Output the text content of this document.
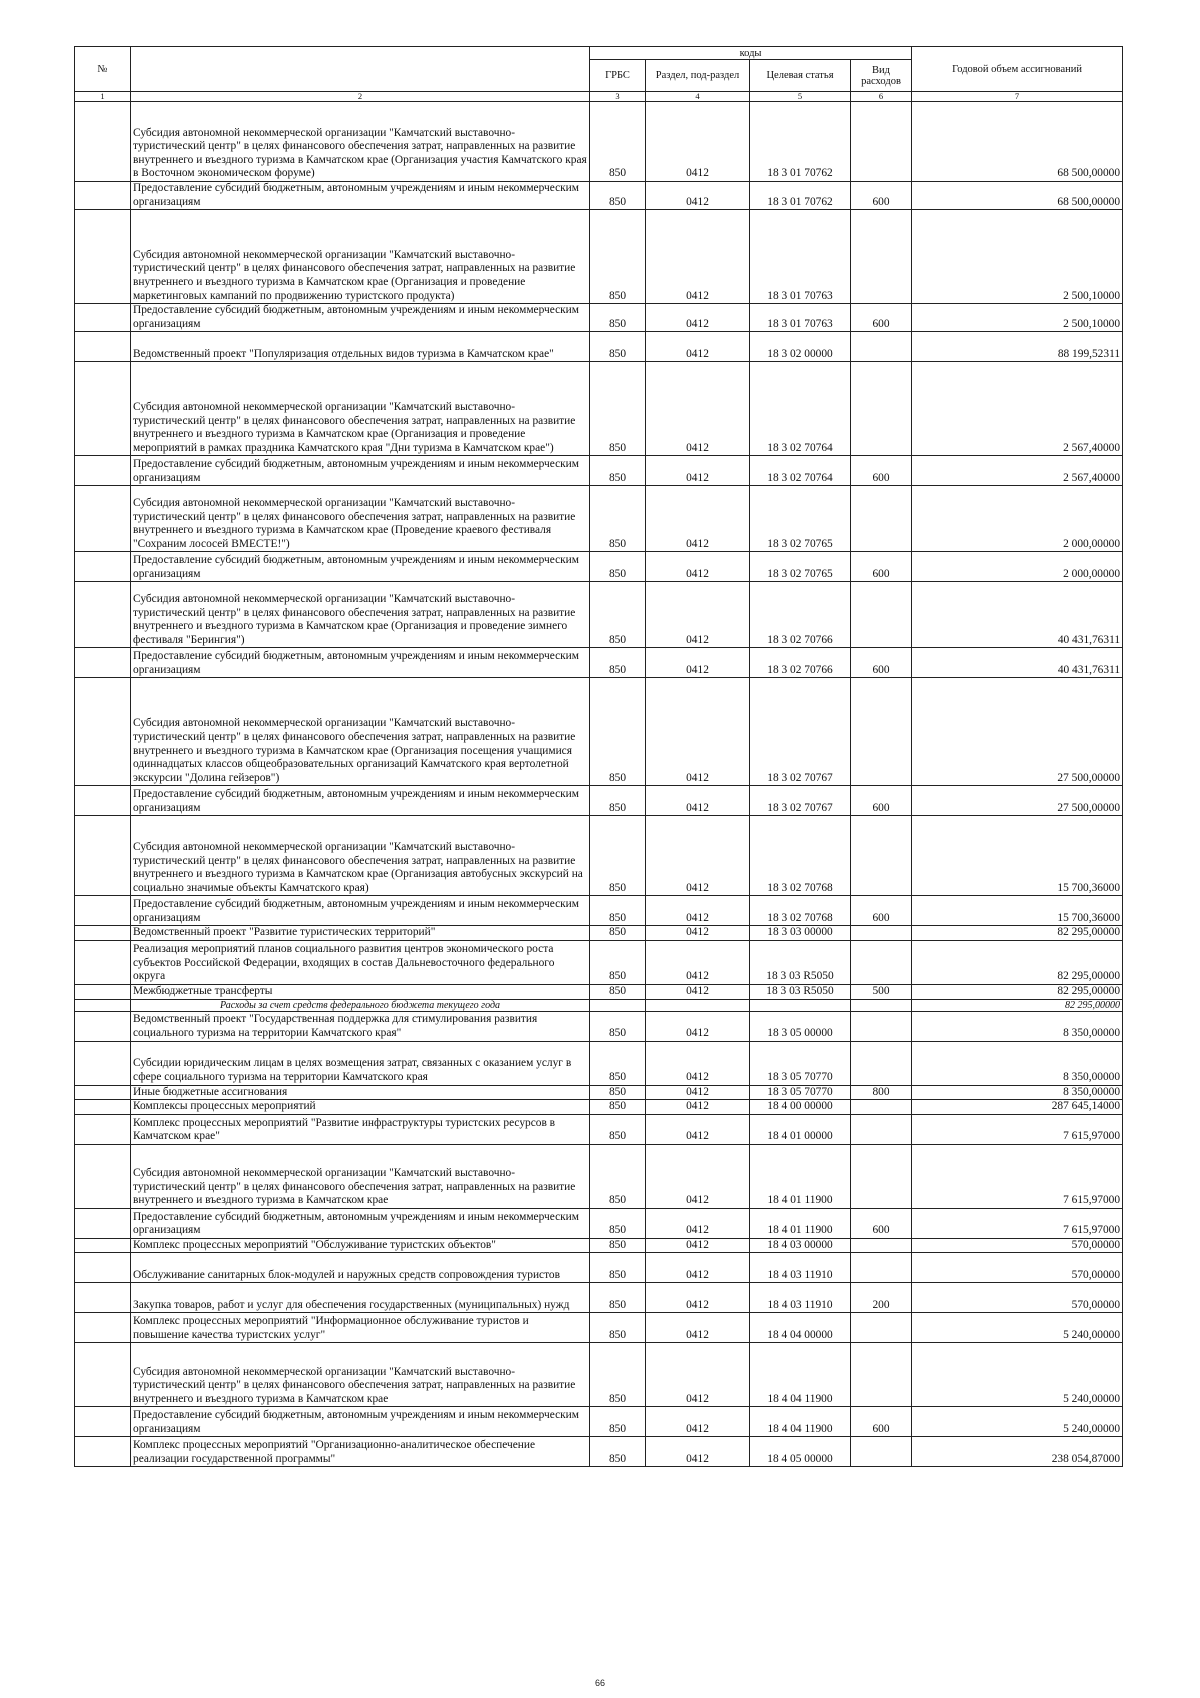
№		коды				Годовой объем ассигнований
		ГРБС	Раздел, под-раздел	Целевая статья	Вид расходов	
1	2	3	4	5	6	7
	Субсидия автономной некоммерческой организации "Камчатский выставочно-туристический центр" в целях финансового обеспечения затрат, направленных на развитие внутреннего и въездного туризма в Камчатском крае (Организация участия Камчатского края в Восточном экономическом форуме)	850	0412	18 3 01 70762		68 500,00000
	Предоставление субсидий бюджетным, автономным учреждениям и иным некоммерческим организациям	850	0412	18 3 01 70762	600	68 500,00000
	Субсидия автономной некоммерческой организации "Камчатский выставочно-туристический центр" в целях финансового обеспечения затрат, направленных на развитие внутреннего и въездного туризма в Камчатском крае (Организация и проведение маркетинговых кампаний по продвижению туристского продукта)	850	0412	18 3 01 70763		2 500,10000
	Предоставление субсидий бюджетным, автономным учреждениям и иным некоммерческим организациям	850	0412	18 3 01 70763	600	2 500,10000
	Ведомственный проект "Популяризация отдельных видов туризма в Камчатском крае"	850	0412	18 3 02 00000		88 199,52311
	Субсидия автономной некоммерческой организации "Камчатский выставочно-туристический центр" в целях финансового обеспечения затрат, направленных на развитие внутреннего и въездного туризма в Камчатском крае (Организация и проведение мероприятий в рамках праздника Камчатского края "Дни туризма в Камчатском крае")	850	0412	18 3 02 70764		2 567,40000
	Предоставление субсидий бюджетным, автономным учреждениям и иным некоммерческим организациям	850	0412	18 3 02 70764	600	2 567,40000
	Субсидия автономной некоммерческой организации "Камчатский выставочно-туристический центр" в целях финансового обеспечения затрат, направленных на развитие внутреннего и въездного туризма в Камчатском крае (Проведение краевого фестиваля "Сохраним лососей ВМЕСТЕ!")	850	0412	18 3 02 70765		2 000,00000
	Предоставление субсидий бюджетным, автономным учреждениям и иным некоммерческим организациям	850	0412	18 3 02 70765	600	2 000,00000
	Субсидия автономной некоммерческой организации "Камчатский выставочно-туристический центр" в целях финансового обеспечения затрат, направленных на развитие внутреннего и въездного туризма в Камчатском крае (Организация и проведение зимнего фестиваля "Берингия")	850	0412	18 3 02 70766		40 431,76311
	Предоставление субсидий бюджетным, автономным учреждениям и иным некоммерческим организациям	850	0412	18 3 02 70766	600	40 431,76311
	Субсидия автономной некоммерческой организации "Камчатский выставочно-туристический центр" в целях финансового обеспечения затрат, направленных на развитие внутреннего и въездного туризма в Камчатском крае (Организация посещения учащимися одиннадцатых классов общеобразовательных организаций Камчатского края вертолетной экскурсии "Долина гейзеров")	850	0412	18 3 02 70767		27 500,00000
	Предоставление субсидий бюджетным, автономным учреждениям и иным некоммерческим организациям	850	0412	18 3 02 70767	600	27 500,00000
	Субсидия автономной некоммерческой организации "Камчатский выставочно-туристический центр" в целях финансового обеспечения затрат, направленных на развитие внутреннего и въездного туризма в Камчатском крае (Организация автобусных экскурсий на социально значимые объекты Камчатского края)	850	0412	18 3 02 70768		15 700,36000
	Предоставление субсидий бюджетным, автономным учреждениям и иным некоммерческим организациям	850	0412	18 3 02 70768	600	15 700,36000
	Ведомственный проект "Развитие туристических территорий"	850	0412	18 3 03 00000		82 295,00000
	Реализация мероприятий планов социального развития центров экономического роста субъектов Российской Федерации, входящих в состав Дальневосточного федерального округа	850	0412	18 3 03 R5050		82 295,00000
	Межбюджетные трансферты	850	0412	18 3 03 R5050	500	82 295,00000
	Расходы за счет средств федерального бюджета текущего года					82 295,00000
	Ведомственный проект "Государственная поддержка для стимулирования развития социального туризма на территории Камчатского края"	850	0412	18 3 05 00000		8 350,00000
	Субсидии юридическим лицам в целях возмещения затрат, связанных с оказанием услуг в сфере социального туризма на территории Камчатского края	850	0412	18 3 05 70770		8 350,00000
	Иные бюджетные ассигнования	850	0412	18 3 05 70770	800	8 350,00000
	Комплексы процессных мероприятий	850	0412	18 4 00 00000		287 645,14000
	Комплекс процессных мероприятий "Развитие инфраструктуры туристских ресурсов в Камчатском крае"	850	0412	18 4 01 00000		7 615,97000
	Субсидия автономной некоммерческой организации "Камчатский выставочно-туристический центр" в целях финансового обеспечения затрат, направленных на развитие внутреннего и въездного туризма в Камчатском крае	850	0412	18 4 01 11900		7 615,97000
	Предоставление субсидий бюджетным, автономным учреждениям и иным некоммерческим организациям	850	0412	18 4 01 11900	600	7 615,97000
	Комплекс процессных мероприятий "Обслуживание туристских объектов"	850	0412	18 4 03 00000		570,00000
	Обслуживание санитарных блок-модулей и наружных средств сопровождения туристов	850	0412	18 4 03 11910		570,00000
	Закупка товаров, работ и услуг для обеспечения государственных (муниципальных) нужд	850	0412	18 4 03 11910	200	570,00000
	Комплекс процессных мероприятий "Информационное обслуживание туристов и повышение качества туристских услуг"	850	0412	18 4 04 00000		5 240,00000
	Субсидия автономной некоммерческой организации "Камчатский выставочно-туристический центр" в целях финансового обеспечения затрат, направленных на развитие внутреннего и въездного туризма в Камчатском крае	850	0412	18 4 04 11900		5 240,00000
	Предоставление субсидий бюджетным, автономным учреждениям и иным некоммерческим организациям	850	0412	18 4 04 11900	600	5 240,00000
	Комплекс процессных мероприятий "Организационно-аналитическое обеспечение реализации государственной программы"	850	0412	18 4 05 00000		238 054,87000
66
